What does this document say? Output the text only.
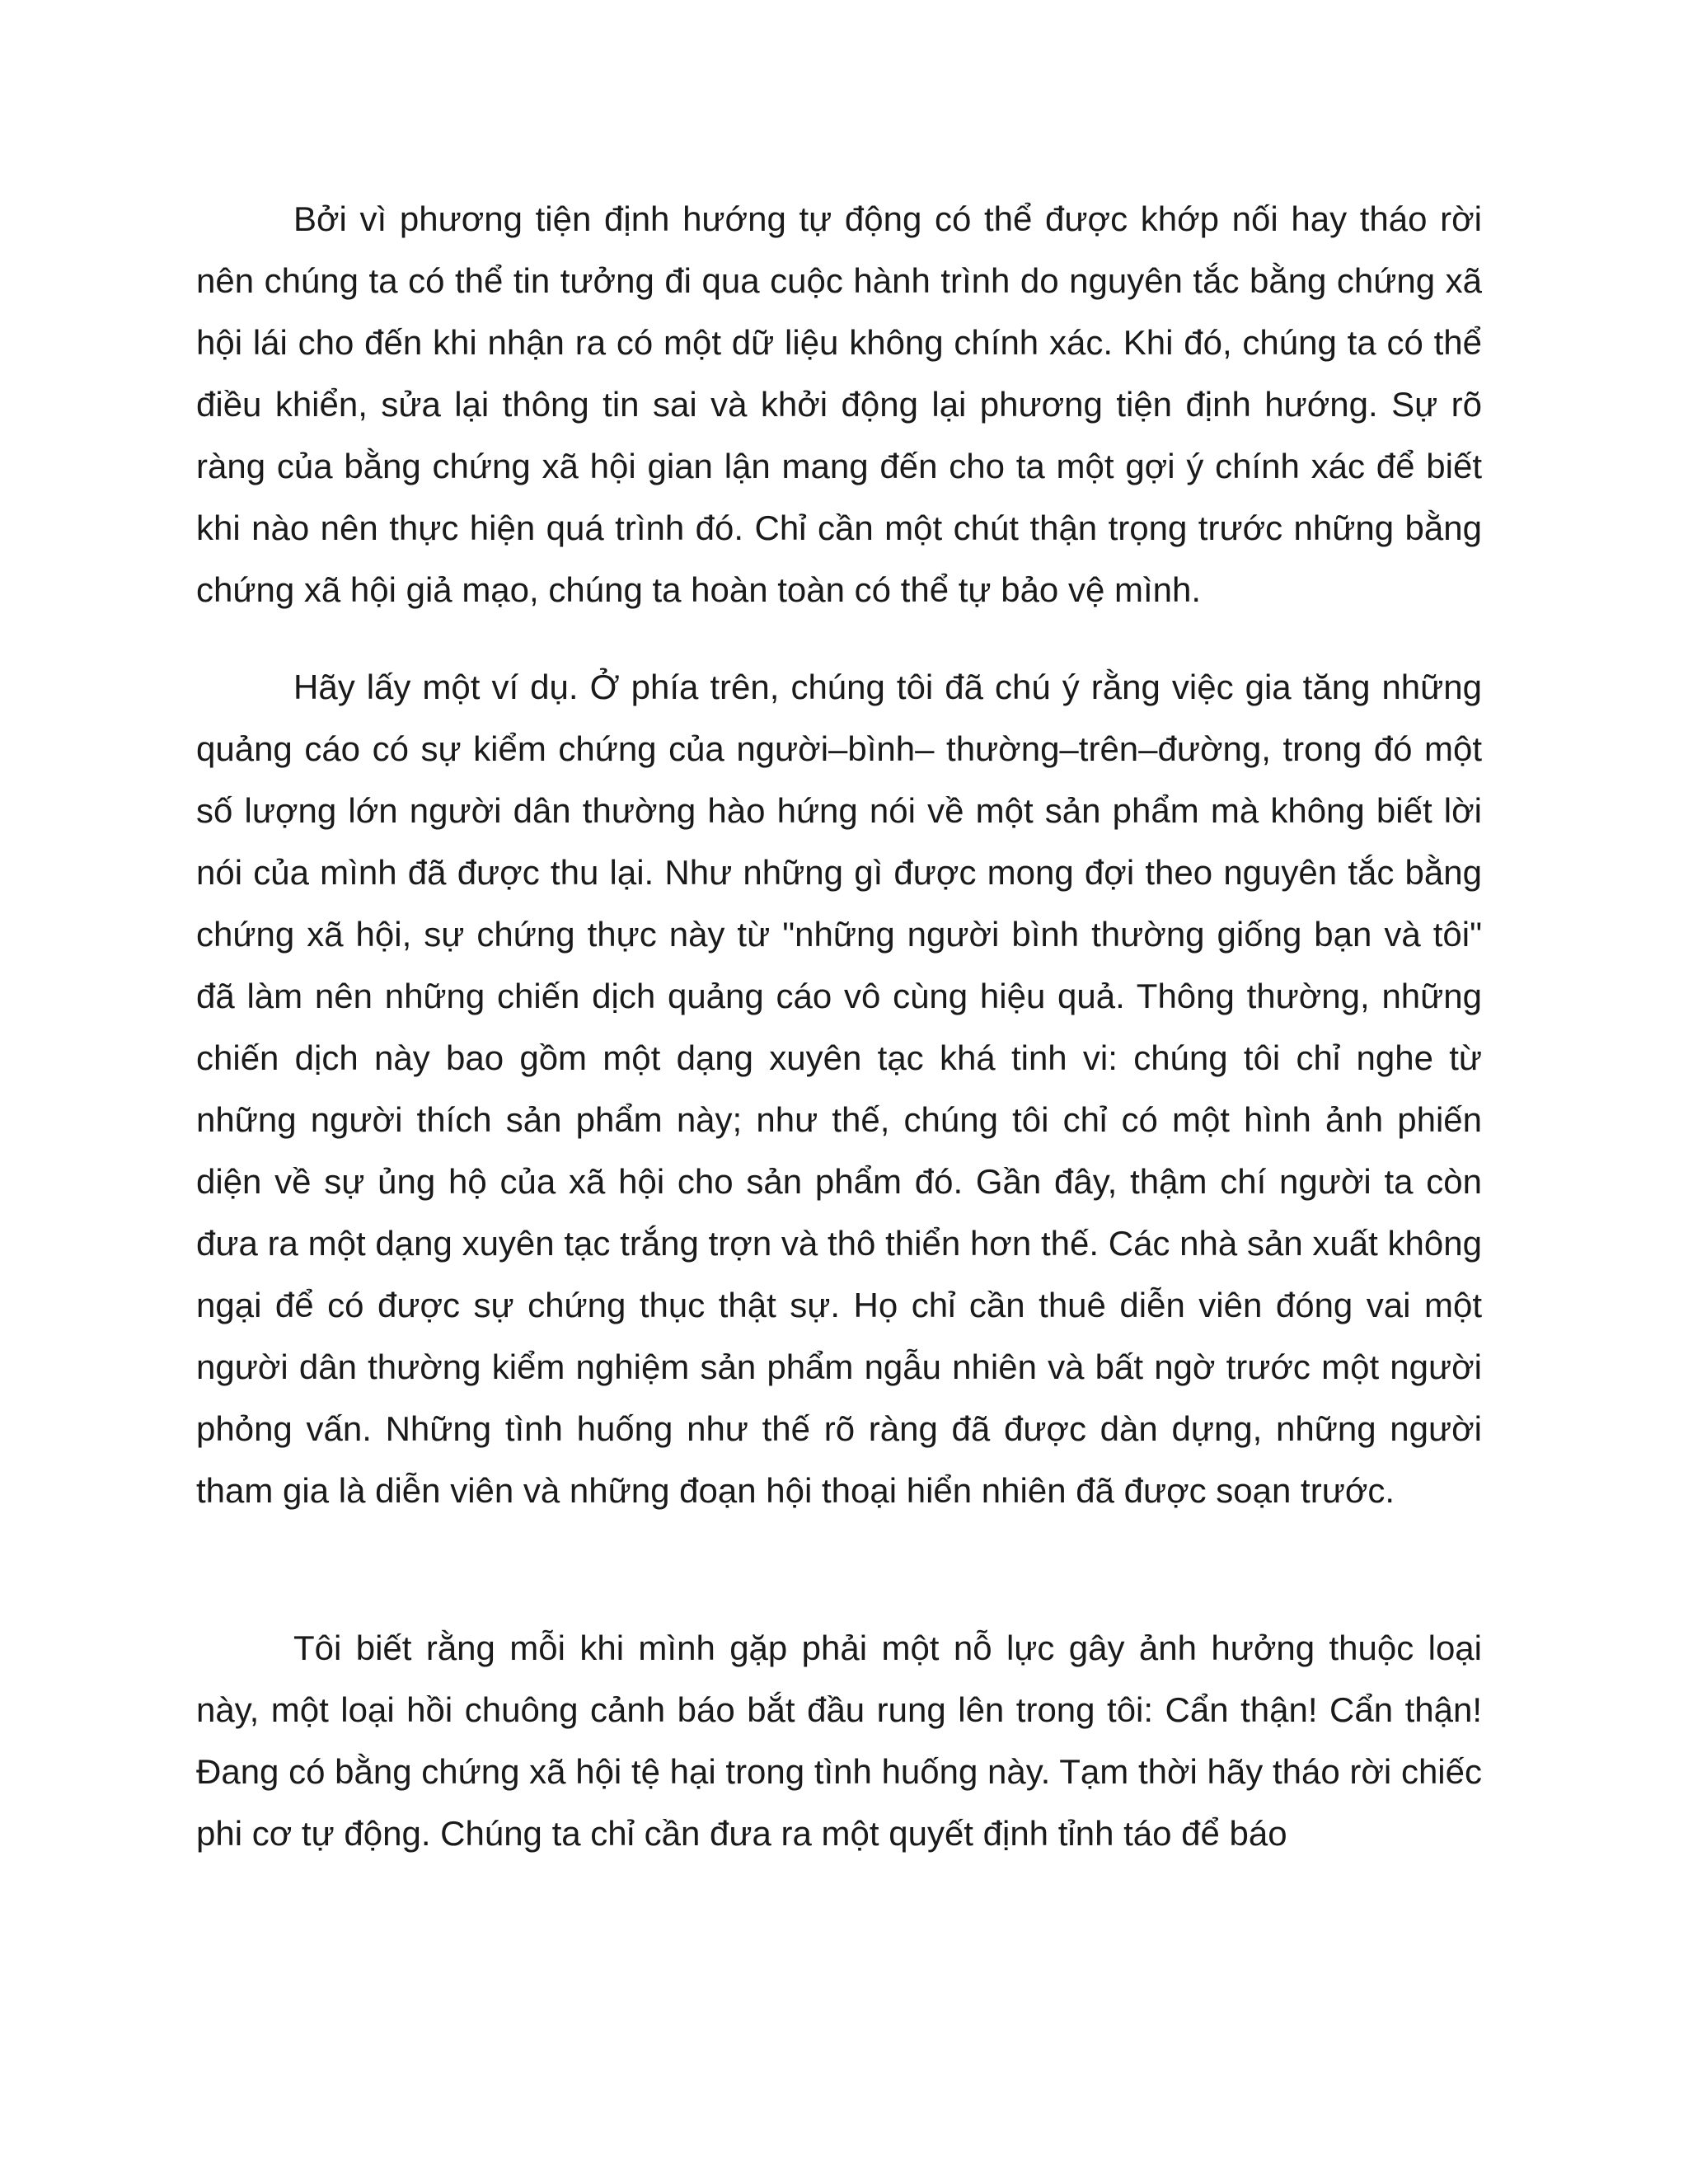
Bởi vì phương tiện định hướng tự động có thể được khớp nối hay tháo rời nên chúng ta có thể tin tưởng đi qua cuộc hành trình do nguyên tắc bằng chứng xã hội lái cho đến khi nhận ra có một dữ liệu không chính xác. Khi đó, chúng ta có thể điều khiển, sửa lại thông tin sai và khởi động lại phương tiện định hướng. Sự rõ ràng của bằng chứng xã hội gian lận mang đến cho ta một gợi ý chính xác để biết khi nào nên thực hiện quá trình đó. Chỉ cần một chút thận trọng trước những bằng chứng xã hội giả mạo, chúng ta hoàn toàn có thể tự bảo vệ mình.

Hãy lấy một ví dụ. Ở phía trên, chúng tôi đã chú ý rằng việc gia tăng những quảng cáo có sự kiểm chứng của người–bình– thường–trên–đường, trong đó một số lượng lớn người dân thường hào hứng nói về một sản phẩm mà không biết lời nói của mình đã được thu lại. Như những gì được mong đợi theo nguyên tắc bằng chứng xã hội, sự chứng thực này từ "những người bình thường giống bạn và tôi" đã làm nên những chiến dịch quảng cáo vô cùng hiệu quả. Thông thường, những chiến dịch này bao gồm một dạng xuyên tạc khá tinh vi: chúng tôi chỉ nghe từ những người thích sản phẩm này; như thế, chúng tôi chỉ có một hình ảnh phiến diện về sự ủng hộ của xã hội cho sản phẩm đó. Gần đây, thậm chí người ta còn đưa ra một dạng xuyên tạc trắng trợn và thô thiển hơn thế. Các nhà sản xuất không ngại để có được sự chứng thục thật sự. Họ chỉ cần thuê diễn viên đóng vai một người dân thường kiểm nghiệm sản phẩm ngẫu nhiên và bất ngờ trước một người phỏng vấn. Những tình huống như thế rõ ràng đã được dàn dựng, những người tham gia là diễn viên và những đoạn hội thoại hiển nhiên đã được soạn trước.

Tôi biết rằng mỗi khi mình gặp phải một nỗ lực gây ảnh hưởng thuộc loại này, một loại hồi chuông cảnh báo bắt đầu rung lên trong tôi: Cẩn thận! Cẩn thận! Đang có bằng chứng xã hội tệ hại trong tình huống này. Tạm thời hãy tháo rời chiếc phi cơ tự động. Chúng ta chỉ cần đưa ra một quyết định tỉnh táo để báo
